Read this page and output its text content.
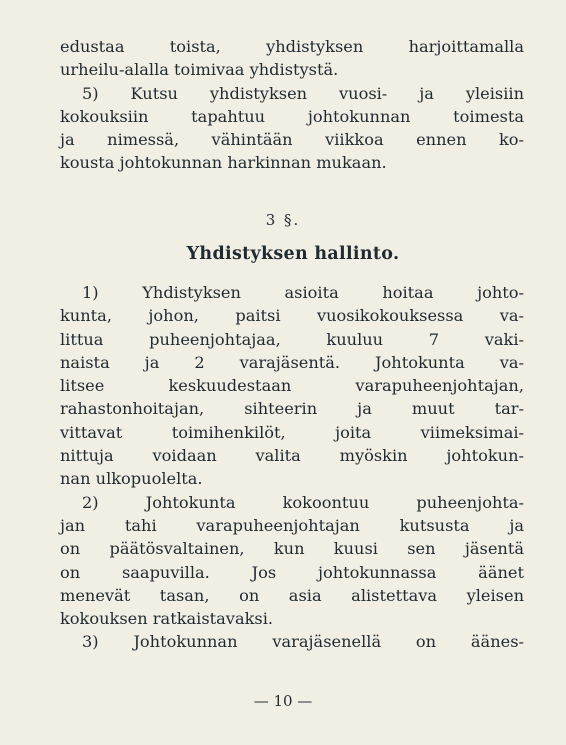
edustaa toista, yhdistyksen harjoittamalla
urheilu-alalla toimivaa yhdistystä.
5) Kutsu yhdistyksen vuosi- ja yleisiin
kokouksiin tapahtuu johtokunnan toimesta
ja nimessä, vähintään viikkoa ennen ko-
kousta johtokunnan harkinnan mukaan.
3 §.
Yhdistyksen hallinto.
1) Yhdistyksen asioita hoitaa johto-
kunta, johon, paitsi vuosikokouksessa va-
littua puheenjohtajaa, kuuluu 7 vaki-
naista ja 2 varajäsentä. Johtokunta va-
litsee keskuudestaan varapuheenjohtajan,
rahastonhoitajan, sihteerin ja muut tar-
vittavat toimihenkilöt, joita viimeksimai-
nittuja voidaan valita myöskin johtokun-
nan ulkopuolelta.
2) Johtokunta kokoontuu puheenjohta-
jan tahi varapuheenjohtajan kutsusta ja
on päätösvaltainen, kun kuusi sen jäsentä
on saapuvilla. Jos johtokunnassa äänet
menevät tasan, on asia alistettava yleisen
kokouksen ratkaistavaksi.
3) Johtokunnan varajäsenellä on äänes-
— 10 —
